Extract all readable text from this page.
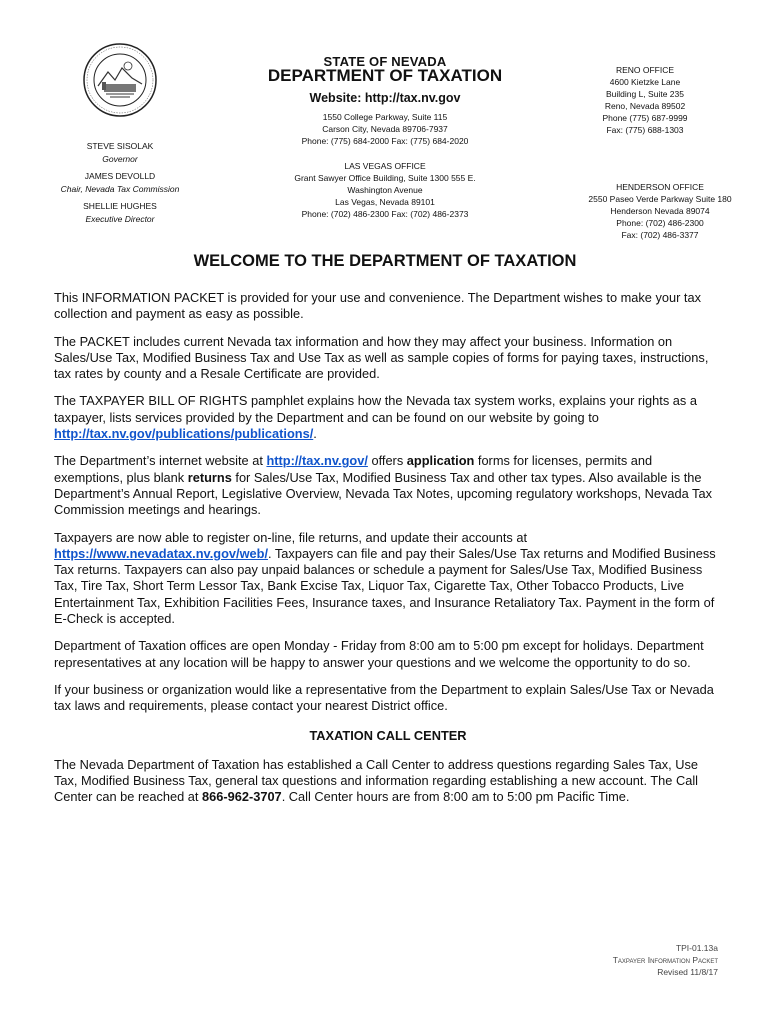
STEVE SISOLAK
Governor
JAMES DEVOLLD
Chair, Nevada Tax Commission
SHELLIE HUGHES
Executive Director
STATE OF NEVADA
DEPARTMENT OF TAXATION
Website: http://tax.nv.gov
1550 College Parkway, Suite 115
Carson City, Nevada 89706-7937
Phone: (775) 684-2000 Fax: (775) 684-2020
LAS VEGAS OFFICE
Grant Sawyer Office Building, Suite 1300 555 E.
Washington Avenue
Las Vegas, Nevada 89101
Phone: (702) 486-2300 Fax: (702) 486-2373
RENO OFFICE
4600 Kietzke Lane
Building L, Suite 235
Reno, Nevada 89502
Phone (775) 687-9999
Fax: (775) 688-1303
HENDERSON OFFICE
2550 Paseo Verde Parkway Suite 180
Henderson Nevada 89074
Phone: (702) 486-2300
Fax: (702) 486-3377
WELCOME TO THE DEPARTMENT OF TAXATION

This INFORMATION PACKET is provided for your use and convenience. The Department wishes to make your tax collection and payment as easy as possible.

The PACKET includes current Nevada tax information and how they may affect your business. Information on Sales/Use Tax, Modified Business Tax and Use Tax as well as sample copies of forms for paying taxes, instructions, tax rates by county and a Resale Certificate are provided.

The TAXPAYER BILL OF RIGHTS pamphlet explains how the Nevada tax system works, explains your rights as a taxpayer, lists services provided by the Department and can be found on our website by going to http://tax.nv.gov/publications/publications/.

The Department’s internet website at http://tax.nv.gov/ offers application forms for licenses, permits and exemptions, plus blank returns for Sales/Use Tax, Modified Business Tax and other tax types. Also available is the Department’s Annual Report, Legislative Overview, Nevada Tax Notes, upcoming regulatory workshops, Nevada Tax Commission meetings and hearings.

Taxpayers are now able to register on-line, file returns, and update their accounts at https://www.nevadatax.nv.gov/web/. Taxpayers can file and pay their Sales/Use Tax returns and Modified Business Tax returns. Taxpayers can also pay unpaid balances or schedule a payment for Sales/Use Tax, Modified Business Tax, Tire Tax, Short Term Lessor Tax, Bank Excise Tax, Liquor Tax, Cigarette Tax, Other Tobacco Products, Live Entertainment Tax, Exhibition Facilities Fees, Insurance taxes, and Insurance Retaliatory Tax. Payment in the form of E-Check is accepted.

Department of Taxation offices are open Monday - Friday from 8:00 am to 5:00 pm except for holidays. Department representatives at any location will be happy to answer your questions and we welcome the opportunity to do so.

If your business or organization would like a representative from the Department to explain Sales/Use Tax or Nevada tax laws and requirements, please contact your nearest District office.

TAXATION CALL CENTER

The Nevada Department of Taxation has established a Call Center to address questions regarding Sales Tax, Use Tax, Modified Business Tax, general tax questions and information regarding establishing a new account. The Call Center can be reached at 866-962-3707. Call Center hours are from 8:00 am to 5:00 pm Pacific Time.

TPI-01.13a
Taxpayer Information Packet
Revised 11/8/17
